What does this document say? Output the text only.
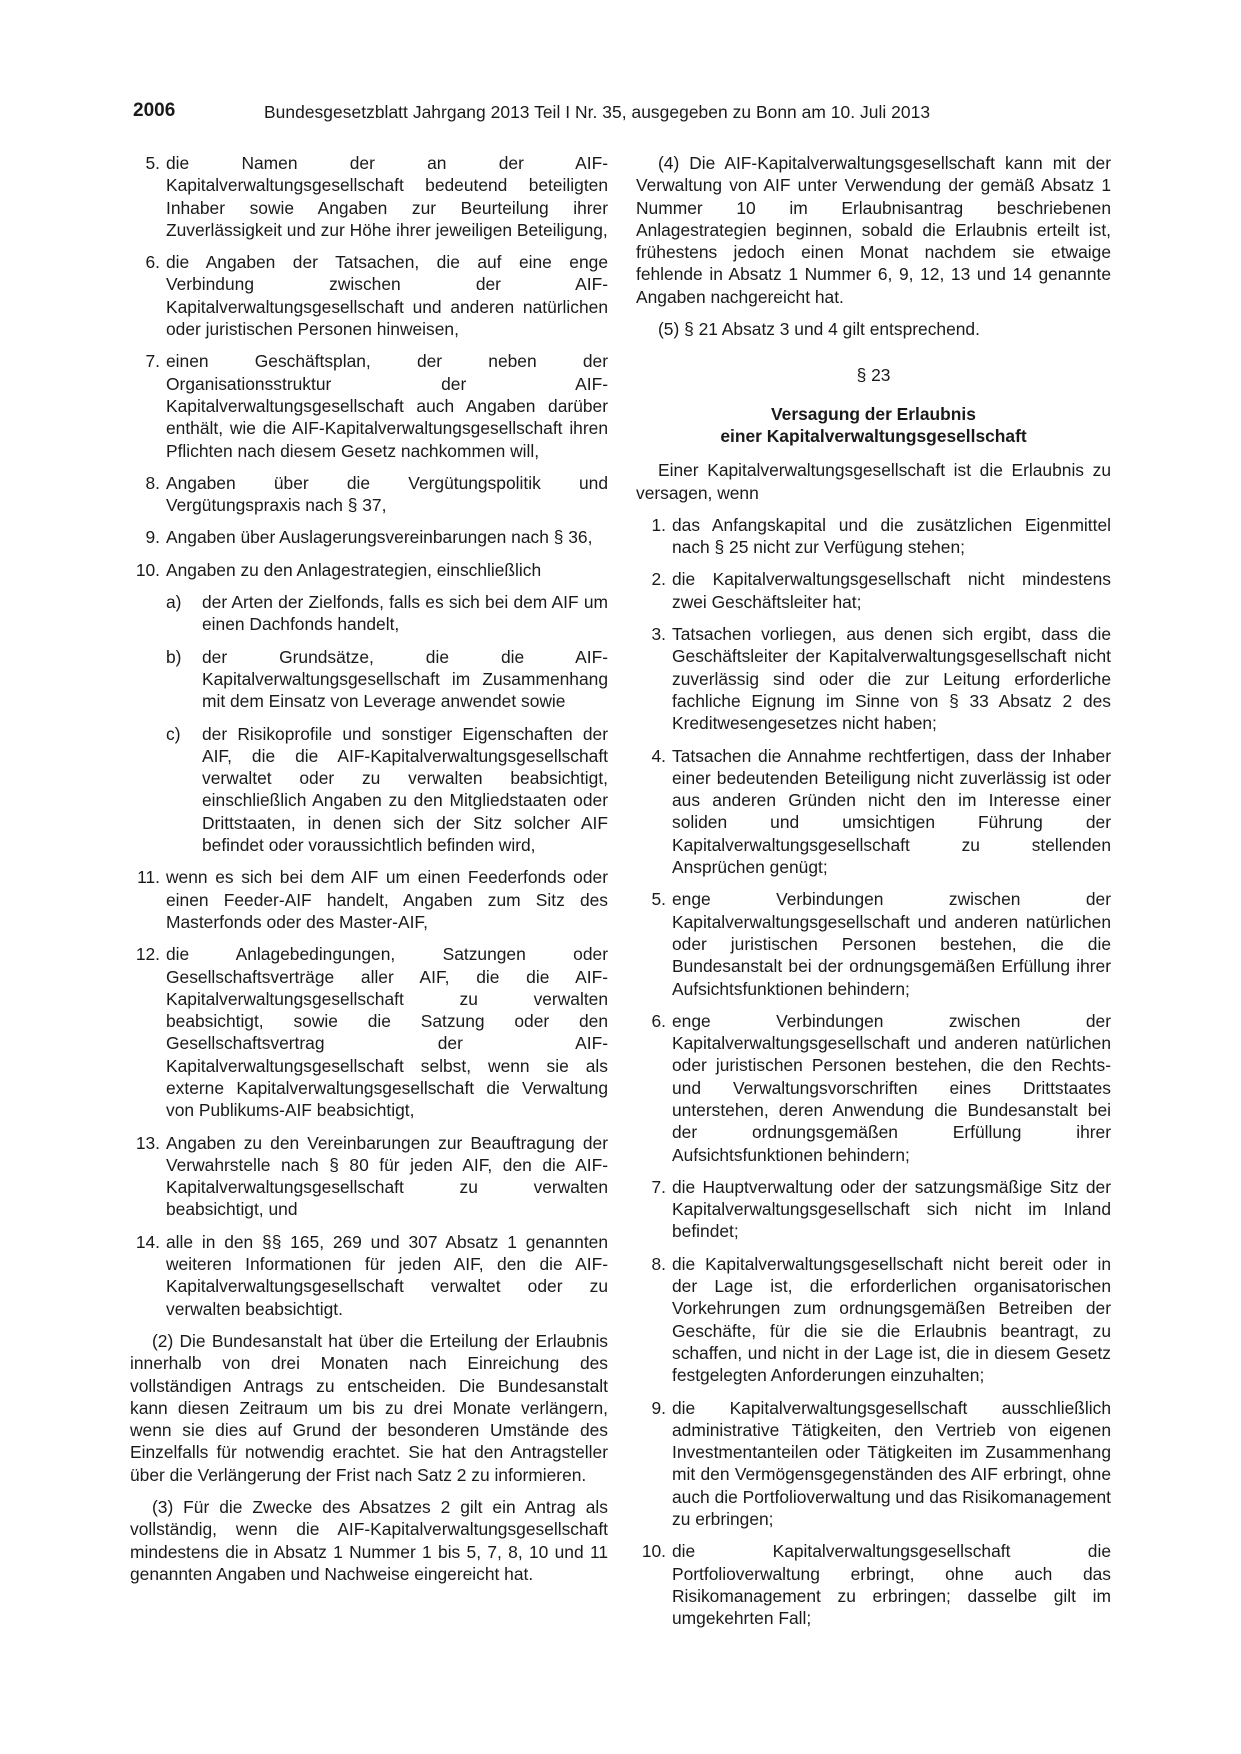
2006	Bundesgesetzblatt Jahrgang 2013 Teil I Nr. 35, ausgegeben zu Bonn am 10. Juli 2013
5. die Namen der an der AIF-Kapitalverwaltungsgesellschaft bedeutend beteiligten Inhaber sowie Angaben zur Beurteilung ihrer Zuverlässigkeit und zur Höhe ihrer jeweiligen Beteiligung,
6. die Angaben der Tatsachen, die auf eine enge Verbindung zwischen der AIF-Kapitalverwaltungsgesellschaft und anderen natürlichen oder juristischen Personen hinweisen,
7. einen Geschäftsplan, der neben der Organisationsstruktur der AIF-Kapitalverwaltungsgesellschaft auch Angaben darüber enthält, wie die AIF-Kapitalverwaltungsgesellschaft ihren Pflichten nach diesem Gesetz nachkommen will,
8. Angaben über die Vergütungspolitik und Vergütungspraxis nach § 37,
9. Angaben über Auslagerungsvereinbarungen nach § 36,
10. Angaben zu den Anlagestrategien, einschließlich
a)	der Arten der Zielfonds, falls es sich bei dem AIF um einen Dachfonds handelt,
b)	der Grundsätze, die die AIF-Kapitalverwaltungsgesellschaft im Zusammenhang mit dem Einsatz von Leverage anwendet sowie
c)	der Risikoprofile und sonstiger Eigenschaften der AIF, die die AIF-Kapitalverwaltungsgesellschaft verwaltet oder zu verwalten beabsichtigt, einschließlich Angaben zu den Mitgliedstaaten oder Drittstaaten, in denen sich der Sitz solcher AIF befindet oder voraussichtlich befinden wird,
11. wenn es sich bei dem AIF um einen Feederfonds oder einen Feeder-AIF handelt, Angaben zum Sitz des Masterfonds oder des Master-AIF,
12. die Anlagebedingungen, Satzungen oder Gesellschaftsverträge aller AIF, die die AIF-Kapitalverwaltungsgesellschaft zu verwalten beabsichtigt, sowie die Satzung oder den Gesellschaftsvertrag der AIF-Kapitalverwaltungsgesellschaft selbst, wenn sie als externe Kapitalverwaltungsgesellschaft die Verwaltung von Publikums-AIF beabsichtigt,
13. Angaben zu den Vereinbarungen zur Beauftragung der Verwahrstelle nach § 80 für jeden AIF, den die AIF-Kapitalverwaltungsgesellschaft zu verwalten beabsichtigt, und
14. alle in den §§ 165, 269 und 307 Absatz 1 genannten weiteren Informationen für jeden AIF, den die AIF-Kapitalverwaltungsgesellschaft verwaltet oder zu verwalten beabsichtigt.

(2) Die Bundesanstalt hat über die Erteilung der Erlaubnis innerhalb von drei Monaten nach Einreichung des vollständigen Antrags zu entscheiden. Die Bundesanstalt kann diesen Zeitraum um bis zu drei Monate verlängern, wenn sie dies auf Grund der besonderen Umstände des Einzelfalls für notwendig erachtet. Sie hat den Antragsteller über die Verlängerung der Frist nach Satz 2 zu informieren.

(3) Für die Zwecke des Absatzes 2 gilt ein Antrag als vollständig, wenn die AIF-Kapitalverwaltungsgesellschaft mindestens die in Absatz 1 Nummer 1 bis 5, 7, 8, 10 und 11 genannten Angaben und Nachweise eingereicht hat.

(4) Die AIF-Kapitalverwaltungsgesellschaft kann mit der Verwaltung von AIF unter Verwendung der gemäß Absatz 1 Nummer 10 im Erlaubnisantrag beschriebenen Anlagestrategien beginnen, sobald die Erlaubnis erteilt ist, frühestens jedoch einen Monat nachdem sie etwaige fehlende in Absatz 1 Nummer 6, 9, 12, 13 und 14 genannte Angaben nachgereicht hat.

(5) § 21 Absatz 3 und 4 gilt entsprechend.

§ 23
Versagung der Erlaubnis
einer Kapitalverwaltungsgesellschaft

Einer Kapitalverwaltungsgesellschaft ist die Erlaubnis zu versagen, wenn

1. das Anfangskapital und die zusätzlichen Eigenmittel nach § 25 nicht zur Verfügung stehen;
2. die Kapitalverwaltungsgesellschaft nicht mindestens zwei Geschäftsleiter hat;
3. Tatsachen vorliegen, aus denen sich ergibt, dass die Geschäftsleiter der Kapitalverwaltungsgesellschaft nicht zuverlässig sind oder die zur Leitung erforderliche fachliche Eignung im Sinne von § 33 Absatz 2 des Kreditwesengesetzes nicht haben;
4. Tatsachen die Annahme rechtfertigen, dass der Inhaber einer bedeutenden Beteiligung nicht zuverlässig ist oder aus anderen Gründen nicht den im Interesse einer soliden und umsichtigen Führung der Kapitalverwaltungsgesellschaft zu stellenden Ansprüchen genügt;
5. enge Verbindungen zwischen der Kapitalverwaltungsgesellschaft und anderen natürlichen oder juristischen Personen bestehen, die die Bundesanstalt bei der ordnungsgemäßen Erfüllung ihrer Aufsichtsfunktionen behindern;
6. enge Verbindungen zwischen der Kapitalverwaltungsgesellschaft und anderen natürlichen oder juristischen Personen bestehen, die den Rechts- und Verwaltungsvorschriften eines Drittstaates unterstehen, deren Anwendung die Bundesanstalt bei der ordnungsgemäßen Erfüllung ihrer Aufsichtsfunktionen behindern;
7. die Hauptverwaltung oder der satzungsmäßige Sitz der Kapitalverwaltungsgesellschaft sich nicht im Inland befindet;
8. die Kapitalverwaltungsgesellschaft nicht bereit oder in der Lage ist, die erforderlichen organisatorischen Vorkehrungen zum ordnungsgemäßen Betreiben der Geschäfte, für die sie die Erlaubnis beantragt, zu schaffen, und nicht in der Lage ist, die in diesem Gesetz festgelegten Anforderungen einzuhalten;
9. die Kapitalverwaltungsgesellschaft ausschließlich administrative Tätigkeiten, den Vertrieb von eigenen Investmentanteilen oder Tätigkeiten im Zusammenhang mit den Vermögensgegenständen des AIF erbringt, ohne auch die Portfolioverwaltung und das Risikomanagement zu erbringen;
10. die Kapitalverwaltungsgesellschaft die Portfolioverwaltung erbringt, ohne auch das Risikomanagement zu erbringen; dasselbe gilt im umgekehrten Fall;
